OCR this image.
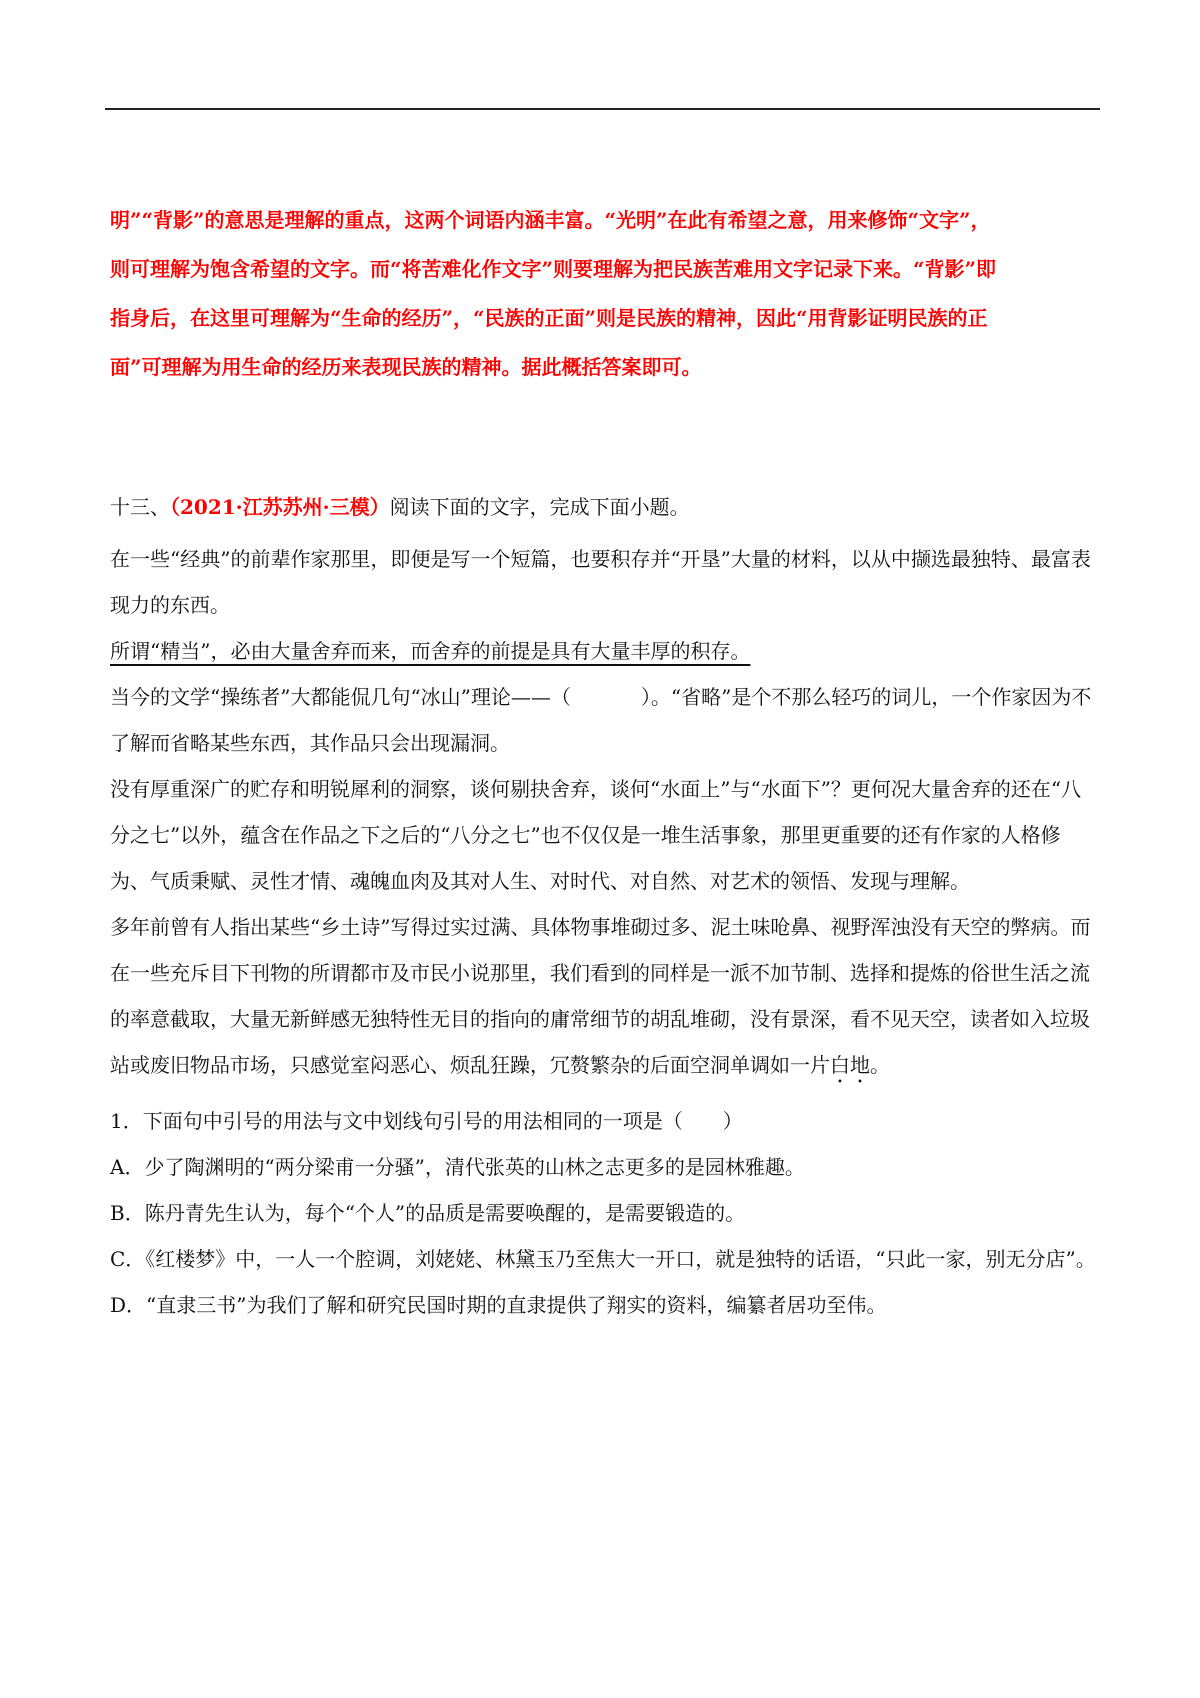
明”“背影”的意思是理解的重点，这两个词语内涵丰富。“光明”在此有希望之意，用来修饰“文字”，

则可理解为饱含希望的文字。而“将苦难化作文字”则要理解为把民族苦难用文字记录下来。“背影”即

指身后，在这里可理解为“生命的经历”，“民族的正面”则是民族的精神，因此“用背影证明民族的正

面”可理解为用生命的经历来表现民族的精神。据此概括答案即可。

十三、（2021·江苏苏州·三模）阅读下面的文字，完成下面小题。

在一些“经典”的前辈作家那里，即便是写一个短篇，也要积存并“开垦”大量的材料，以从中撷选最独特、最富表现力的东西。

所谓“精当”，必由大量舍弃而来，而舍弃的前提是具有大量丰厚的积存。

当今的文学“操练者”大都能侃几句“冰山”理论——（	）。“省略”是个不那么轻巧的词儿，一个作家因为不了解而省略某些东西，其作品只会出现漏洞。

没有厚重深广的贮存和明锐犀利的洞察，谈何剔抉舍弃，谈何“水面上”与“水面下”？更何况大量舍弃的还在“八分之七”以外，蕴含在作品之下之后的“八分之七”也不仅仅是一堆生活事象，那里更重要的还有作家的人格修为、气质秉赋、灵性才情、魂魄血肉及其对人生、对时代、对自然、对艺术的领悟、发现与理解。

多年前曾有人指出某些“乡土诗”写得过实过满、具体物事堆砌过多、泥土味呛鼻、视野浑浊没有天空的弊病。而在一些充斥目下刊物的所谓都市及市民小说那里，我们看到的同样是一派不加节制、选择和提炼的俗世生活之流的率意截取，大量无新鲜感无独特性无目的指向的庸常细节的胡乱堆砌，没有景深，看不见天空，读者如入垃圾站或废旧物品市场，只感觉室闷恶心、烦乱狂躁，冗赘繁杂的后面空洞单调如一片白地。

1．下面句中引号的用法与文中划线句引号的用法相同的一项是（　　）

A．少了陶渊明的“两分梁甫一分骚”，清代张英的山林之志更多的是园林雅趣。

B．陈丹青先生认为，每个“个人”的品质是需要唤醒的，是需要锻造的。

C．《红楼梦》中，一人一个腔调，刘姥姥、林黛玉乃至焦大一开口，就是独特的话语，“只此一家，别无分店”。

D．“直隶三书”为我们了解和研究民国时期的直隶提供了翔实的资料，编纂者居功至伟。
